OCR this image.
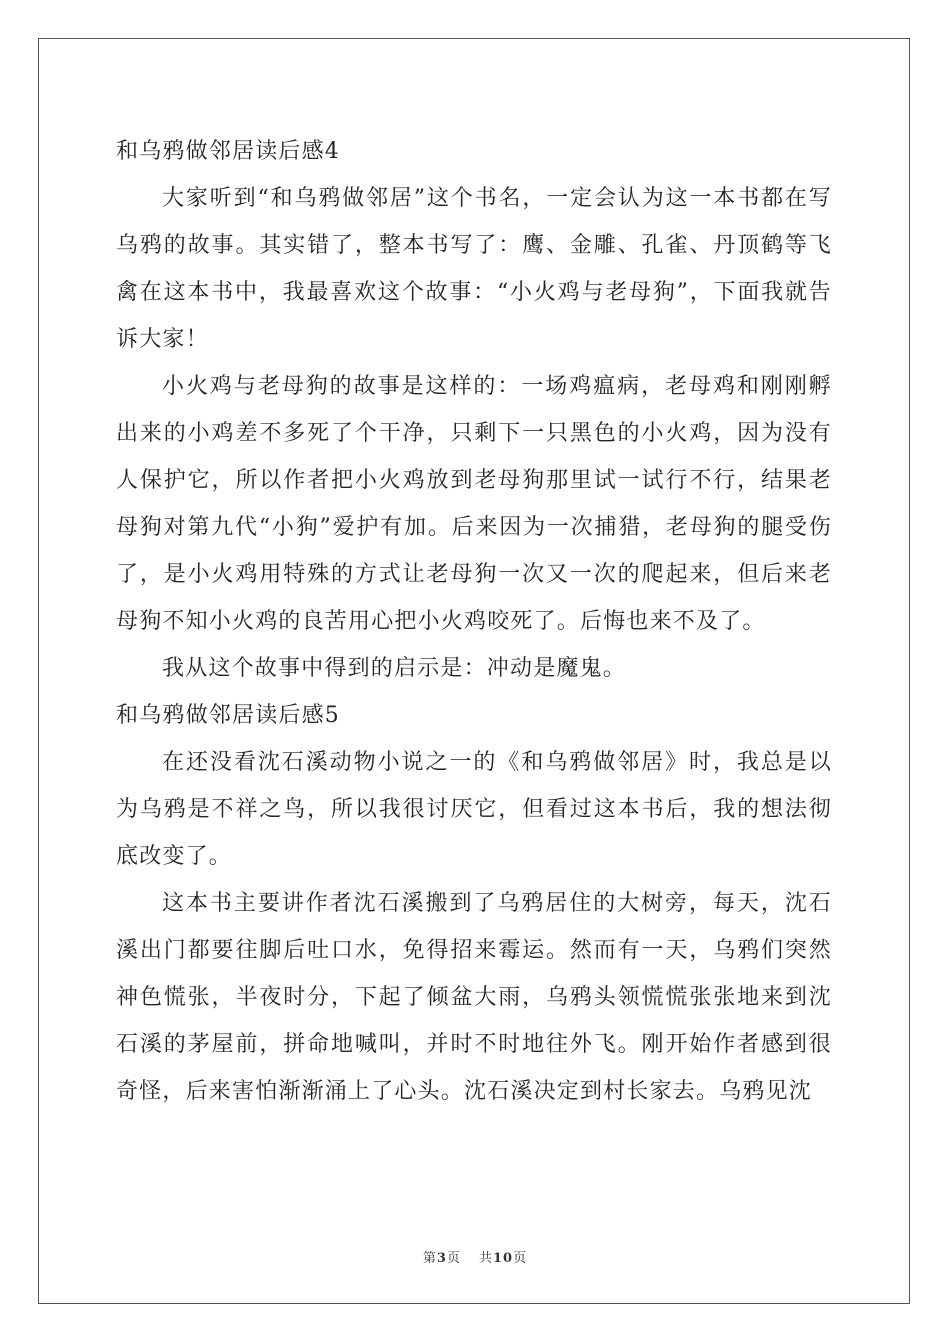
和乌鸦做邻居读后感4

大家听到“和乌鸦做邻居”这个书名，一定会认为这一本书都在写乌鸦的故事。其实错了，整本书写了：鹰、金雕、孔雀、丹顶鹤等飞禽在这本书中，我最喜欢这个故事：“小火鸡与老母狗”，下面我就告诉大家！

小火鸡与老母狗的故事是这样的：一场鸡瘟病，老母鸡和刚刚孵出来的小鸡差不多死了个干净，只剩下一只黑色的小火鸡，因为没有人保护它，所以作者把小火鸡放到老母狗那里试一试行不行，结果老母狗对第九代“小狗”爱护有加。后来因为一次捕猎，老母狗的腿受伤了，是小火鸡用特殊的方式让老母狗一次又一次的爬起来，但后来老母狗不知小火鸡的良苦用心把小火鸡咬死了。后悔也来不及了。

我从这个故事中得到的启示是：冲动是魔鬼。

和乌鸦做邻居读后感5

在还没看沈石溪动物小说之一的《和乌鸦做邻居》时，我总是以为乌鸦是不祥之鸟，所以我很讨厌它，但看过这本书后，我的想法彻底改变了。

这本书主要讲作者沈石溪搬到了乌鸦居住的大树旁，每天，沈石溪出门都要往脚后吐口水，免得招来霉运。然而有一天，乌鸦们突然神色慌张，半夜时分，下起了倾盆大雨，乌鸦头领慌慌张张地来到沈石溪的茅屋前，拼命地喊叫，并时不时地往外飞。刚开始作者感到很奇怪，后来害怕渐渐涌上了心头。沈石溪决定到村长家去。乌鸦见沈

第3页 共10页
